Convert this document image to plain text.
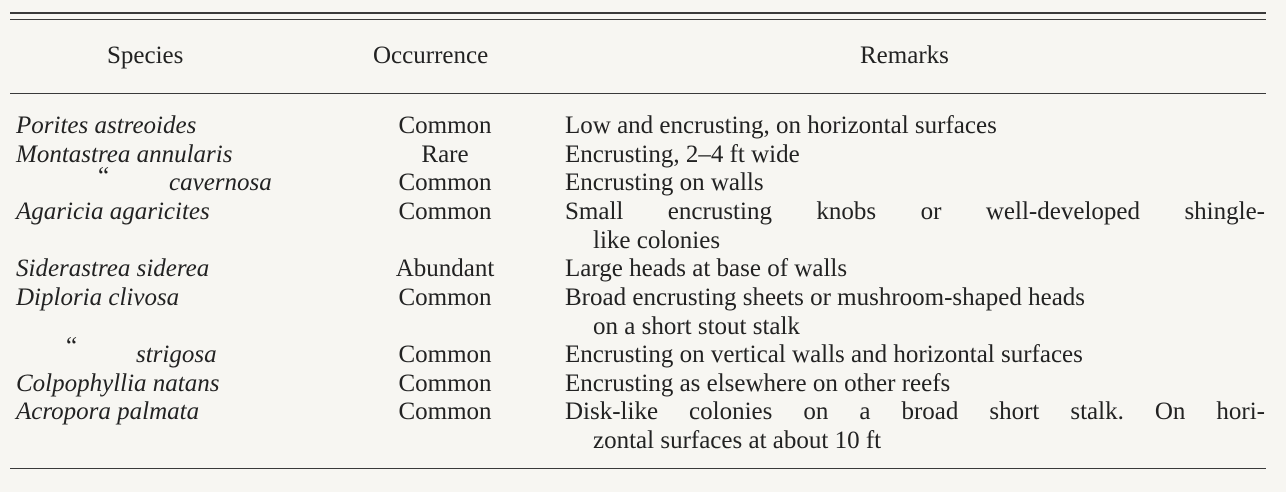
Species	Occurrence	Remarks
Porites astreoides	Common	Low and encrusting, on horizontal surfaces
Montastrea annularis	Rare	Encrusting, 2–4 ft wide
“ cavernosa	Common	Encrusting on walls
Agaricia agaricites	Common	Small encrusting knobs or well-developed shingle-
like colonies
Siderastrea siderea	Abundant	Large heads at base of walls
Diploria clivosa	Common	Broad encrusting sheets or mushroom-shaped heads
on a short stout stalk
“ strigosa	Common	Encrusting on vertical walls and horizontal surfaces
Colpophyllia natans	Common	Encrusting as elsewhere on other reefs
Acropora palmata	Common	Disk-like colonies on a broad short stalk. On hori-
zontal surfaces at about 10 ft
